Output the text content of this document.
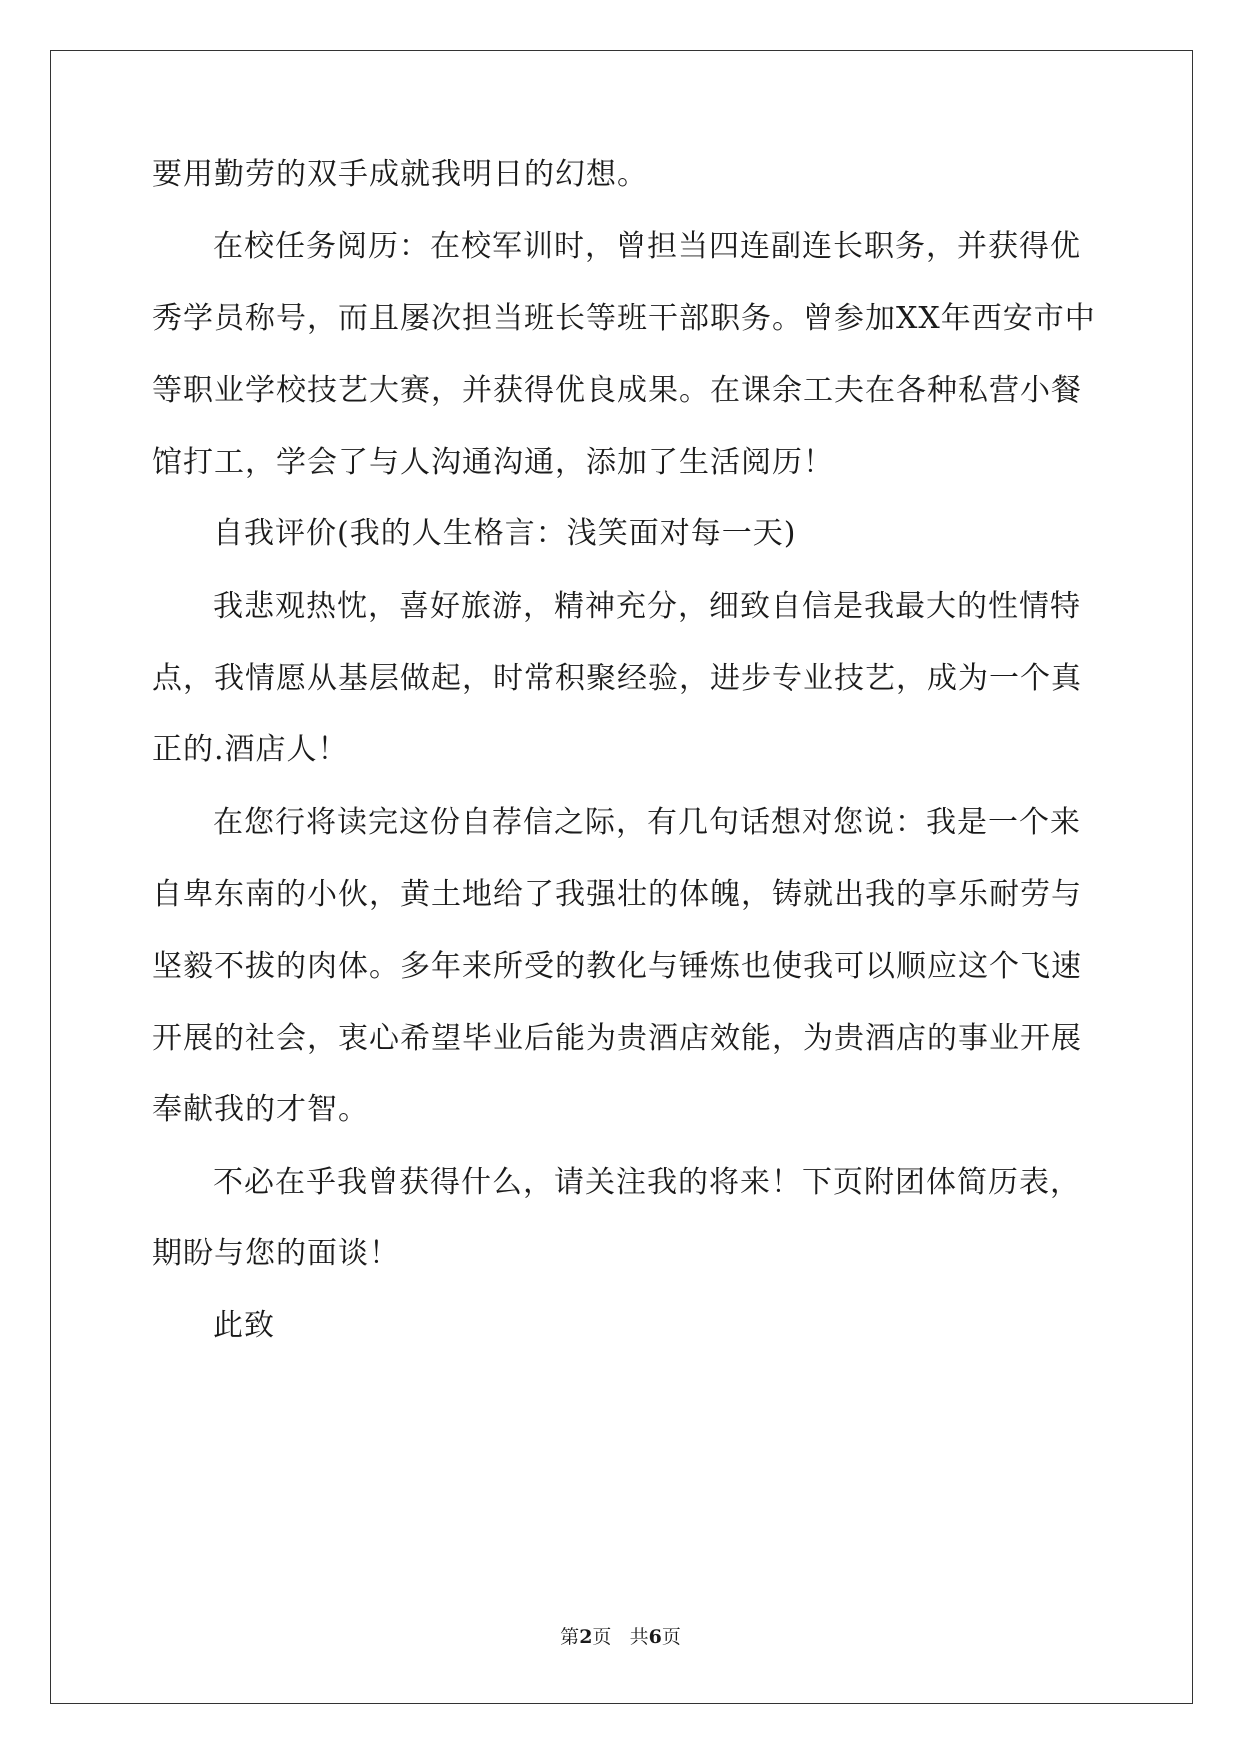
要用勤劳的双手成就我明日的幻想。
在校任务阅历：在校军训时，曾担当四连副连长职务，并获得优
秀学员称号，而且屡次担当班长等班干部职务。曾参加XX年西安市中
等职业学校技艺大赛，并获得优良成果。在课余工夫在各种私营小餐
馆打工，学会了与人沟通沟通，添加了生活阅历！
自我评价(我的人生格言：浅笑面对每一天)
我悲观热忱，喜好旅游，精神充分，细致自信是我最大的性情特
点，我情愿从基层做起，时常积聚经验，进步专业技艺，成为一个真
正的.酒店人！
在您行将读完这份自荐信之际，有几句话想对您说：我是一个来
自卑东南的小伙，黄土地给了我强壮的体魄，铸就出我的享乐耐劳与
坚毅不拔的肉体。多年来所受的教化与锤炼也使我可以顺应这个飞速
开展的社会，衷心希望毕业后能为贵酒店效能，为贵酒店的事业开展
奉献我的才智。
不必在乎我曾获得什么，请关注我的将来！下页附团体简历表，
期盼与您的面谈！
此致
第2页 共6页
